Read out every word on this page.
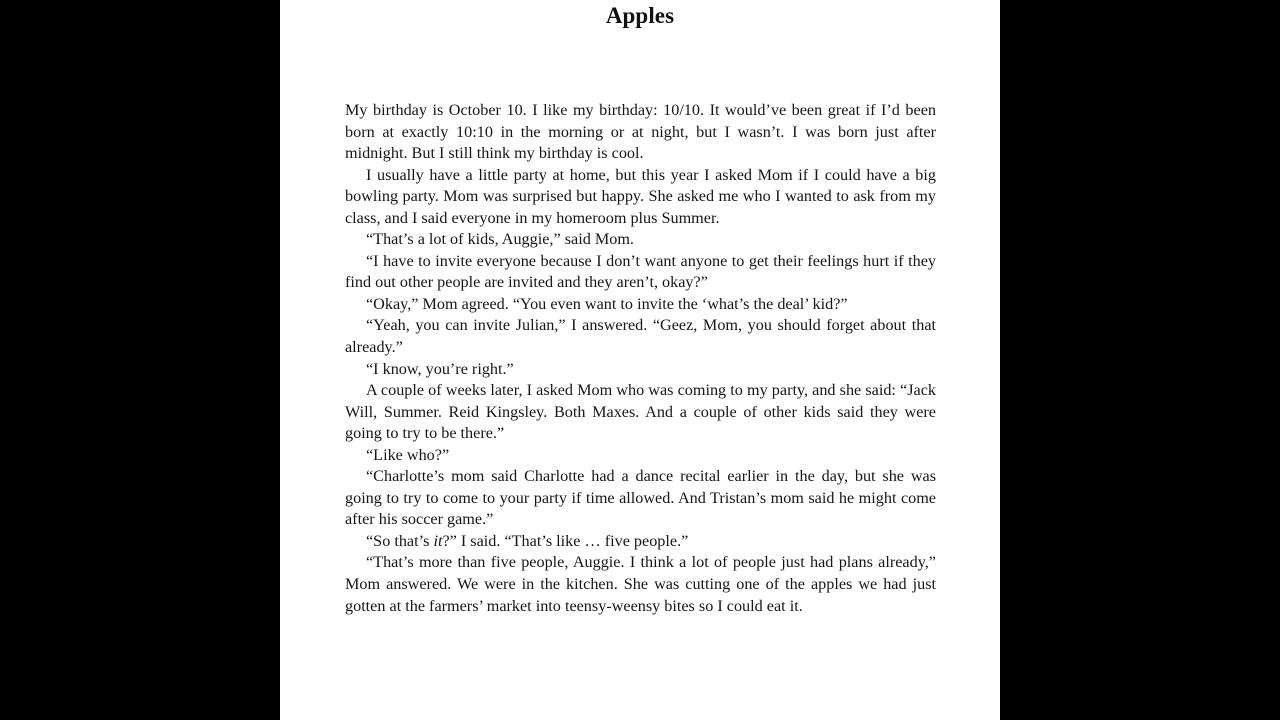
Apples

My birthday is October 10. I like my birthday: 10/10. It would’ve been great if I’d been born at exactly 10:10 in the morning or at night, but I wasn’t. I was born just after midnight. But I still think my birthday is cool.

I usually have a little party at home, but this year I asked Mom if I could have a big bowling party. Mom was surprised but happy. She asked me who I wanted to ask from my class, and I said everyone in my homeroom plus Summer.

“That’s a lot of kids, Auggie,” said Mom.

“I have to invite everyone because I don’t want anyone to get their feelings hurt if they find out other people are invited and they aren’t, okay?”

“Okay,” Mom agreed. “You even want to invite the ‘what’s the deal’ kid?”

“Yeah, you can invite Julian,” I answered. “Geez, Mom, you should forget about that already.”

“I know, you’re right.”

A couple of weeks later, I asked Mom who was coming to my party, and she said: “Jack Will, Summer. Reid Kingsley. Both Maxes. And a couple of other kids said they were going to try to be there.”

“Like who?”

“Charlotte’s mom said Charlotte had a dance recital earlier in the day, but she was going to try to come to your party if time allowed. And Tristan’s mom said he might come after his soccer game.”

“So that’s it?” I said. “That’s like … five people.”

“That’s more than five people, Auggie. I think a lot of people just had plans already,” Mom answered. We were in the kitchen. She was cutting one of the apples we had just gotten at the farmers’ market into teensy-weensy bites so I could eat it.
